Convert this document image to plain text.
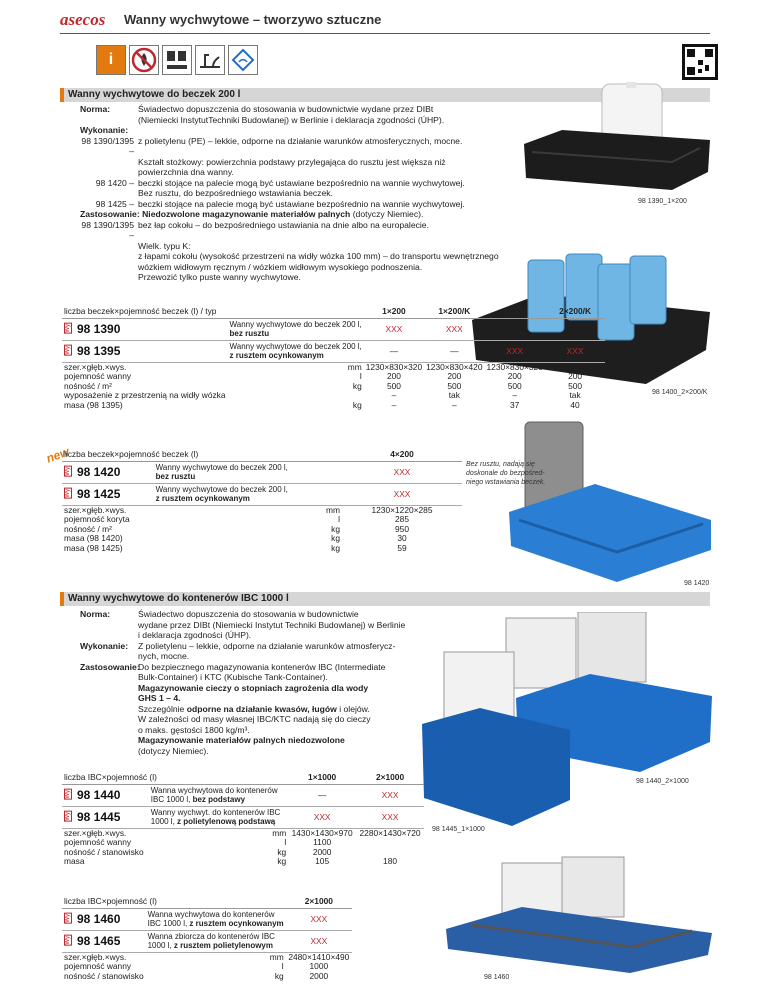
asecos Wanny wychwytowe – tworzywo sztuczne
i
Wanny wychwytowe do beczek 200 l
Norma:	Świadectwo dopuszczenia do stosowania w budownictwie wydane przez DIBt
(Niemiecki InstytutTechniki Budowlanej) w Berlinie i deklaracja zgodności (ÚHP).
Wykonanie:
98 1390/1395 –
z polietylenu (PE) – lekkie, odporne na działanie warunków atmosferycznych, mocne.
Kształt stożkowy: powierzchnia podstawy przylegająca do rusztu jest większa niż
powierzchnia dna wanny.
98 1420 – beczki stojące na palecie mogą być ustawiane bezpośrednio na wannie wychwytowej.
Bez rusztu, do bezpośredniego wstawiania beczek.
98 1425 – beczki stojące na palecie mogą być ustawiane bezpośrednio na wannie wychwytowej.
Zastosowanie: Niedozwolone magazynowanie materiałów palnych (dotyczy Niemiec).
98 1390/1395 –
bez łap cokołu – do bezpośredniego ustawiania na dnie albo na europalecie.
Wielk. typu K:
z łapami cokołu (wysokość przestrzeni na widły wózka 100 mm) – do transportu wewnętrznego
wózkiem widłowym ręcznym / wózkiem widłowym wysokiego podnoszenia.
Przewozić tylko puste wanny wychwytowe.
98 1390_1×200
98 1400_2×200/K
liczba beczek×pojemność beczek (l) / typ			1×200	1×200/K	2×200	2×200/K
Wy	98 1390	Wanny wychwytowe do beczek 200 l,
bez rusztu	XXX	XXX	—	—
Wy	98 1395	Wanny wychwytowe do beczek 200 l,
z rusztem ocynkowanym	—	—	XXX	XXX
szer.×głęb.×wys.		mm	1230×830×320	1230×830×420	1230×830×320	1230×830×420
pojemność wanny		l	200	200	200	200
nośność / m²		kg	500	500	500	500
wyposażenie z przestrzenią na widły wózka			–	tak	–	tak
masa (98 1395)		kg	–	–	37	40
new
liczba beczek×pojemność beczek (l)			4×200
Wy	98 1420	Wanny wychwytowe do beczek 200 l,
bez rusztu	XXX
Wy	98 1425	Wanny wychwytowe do beczek 200 l,
z rusztem ocynkowanym	XXX
szer.×głęb.×wys.		mm	1230×1220×285
pojemność koryta		l	285
nośność / m²		kg	950
masa (98 1420)		kg	30
masa (98 1425)		kg	59
Bez rusztu, nadają się
doskonale do bezpośred-
niego wstawiania beczek.
98 1420
Wanny wychwytowe do kontenerów IBC 1000 l
Norma:	Świadectwo dopuszczenia do stosowania w budownictwie
wydane przez DIBt (Niemiecki Instytut Techniki Budowlanej) w Berlinie
i deklaracja zgodności (ÚHP).
Wykonanie:	Z polietylenu – lekkie, odporne na działanie warunków atmosferycz-
nych, mocne.
Zastosowanie:
Do bezpiecznego magazynowania kontenerów IBC (Intermediate
Bulk-Container) i KTC (Kubische Tank-Container).
Magazynowanie cieczy o stopniach zagrożenia dla wody
GHS 1 – 4.
Szczególnie odporne na działanie kwasów, ługów i olejów.
W zależności od masy własnej IBC/KTC nadają się do cieczy
o maks. gęstości 1800 kg/m³.
Magazynowanie materiałów palnych niedozwolone
(dotyczy Niemiec).
98 1440_2×1000
98 1445_1×1000
98 1460
liczba IBC×pojemność (l)			1×1000	2×1000
Wy	98 1440	Wanna wychwytowa do kontenerów
IBC 1000 l, bez podstawy	—	XXX
Wy	98 1445	Wanny wychwyt. do kontenerów IBC
1000 l, z polietylenową podstawą	XXX	XXX
szer.×głęb.×wys.		mm	1430×1430×970	2280×1430×720
pojemność wanny		l	1100	
nośność / stanowisko		kg	2000	
masa		kg	105	180
liczba IBC×pojemność (l)			2×1000
Wy	98 1460	Wanna wychwytowa do kontenerów
IBC 1000 l, z rusztem ocynkowanym	XXX
Wy	98 1465	Wanna zbiorcza do kontenerów IBC
1000 l, z rusztem polietylenowym	XXX
szer.×głęb.×wys.		mm	2480×1410×490
pojemność wanny		l	1000
nośność / stanowisko		kg	2000
